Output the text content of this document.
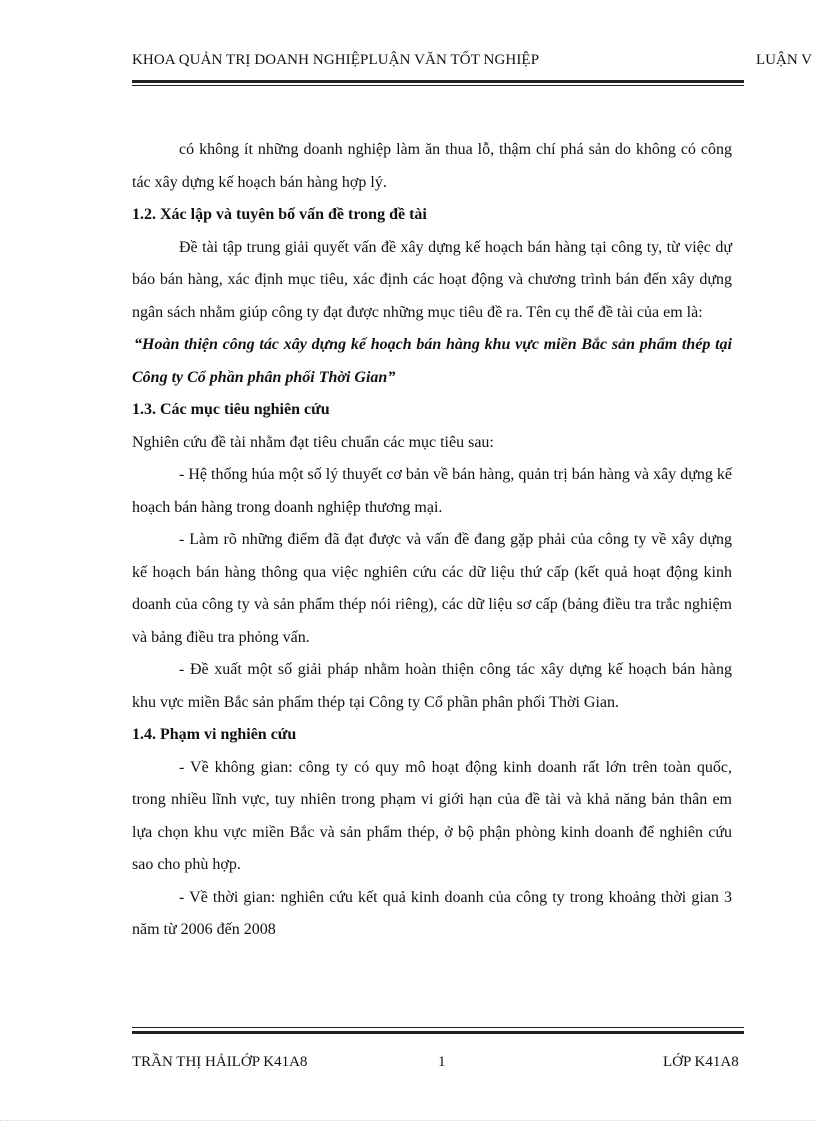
KHOA QUẢN TRỊ DOANH NGHIỆPLUẬN VĂN TỐT NGHIỆP	LUẬN V

có không ít những doanh nghiệp làm ăn thua lỗ, thậm chí phá sản do không có công tác xây dựng kế hoạch bán hàng hợp lý.

1.2. Xác lập và tuyên bố vấn đề trong đề tài

Đề tài tập trung giải quyết vấn đề xây dựng kế hoạch bán hàng tại công ty, từ việc dự báo bán hàng, xác định mục tiêu, xác định các hoạt động và chương trình bán đến xây dựng ngân sách nhằm giúp công ty đạt được những mục tiêu đề ra. Tên cụ thể đề tài của em là:

“Hoàn thiện công tác xây dựng kế hoạch bán hàng khu vực miền Bắc sản phẩm thép tại Công ty Cổ phần phân phối Thời Gian”

1.3. Các mục tiêu nghiên cứu

Nghiên cứu đề tài nhằm đạt tiêu chuẩn các mục tiêu sau:

- Hệ thống húa một số lý thuyết cơ bản về bán hàng, quản trị bán hàng và xây dựng kế hoạch bán hàng trong doanh nghiệp thương mại.

- Làm rõ những điểm đã đạt được và vấn đề đang gặp phải của công ty về xây dựng kế hoạch bán hàng thông qua việc nghiên cứu các dữ liệu thứ cấp (kết quả hoạt động kinh doanh của công ty và sản phẩm thép nói riêng), các dữ liệu sơ cấp (bảng điều tra trắc nghiệm và bảng điều tra phỏng vấn.

- Đề xuất một số giải pháp nhằm hoàn thiện công tác xây dựng kế hoạch bán hàng khu vực miền Bắc sản phẩm thép tại Công ty Cổ phần phân phối Thời Gian.

1.4. Phạm vi nghiên cứu

- Về không gian: công ty có quy mô hoạt động kinh doanh rất lớn trên toàn quốc, trong nhiều lĩnh vực, tuy nhiên trong phạm vi giới hạn của đề tài và khả năng bản thân em lựa chọn khu vực miền Bắc và sản phẩm thép, ở bộ phận phòng kinh doanh để nghiên cứu sao cho phù hợp.

- Về thời gian: nghiên cứu kết quả kinh doanh của công ty trong khoảng thời gian 3 năm từ 2006 đến 2008

TRẦN THỊ HẢILỚP K41A8	1	LỚP K41A8
